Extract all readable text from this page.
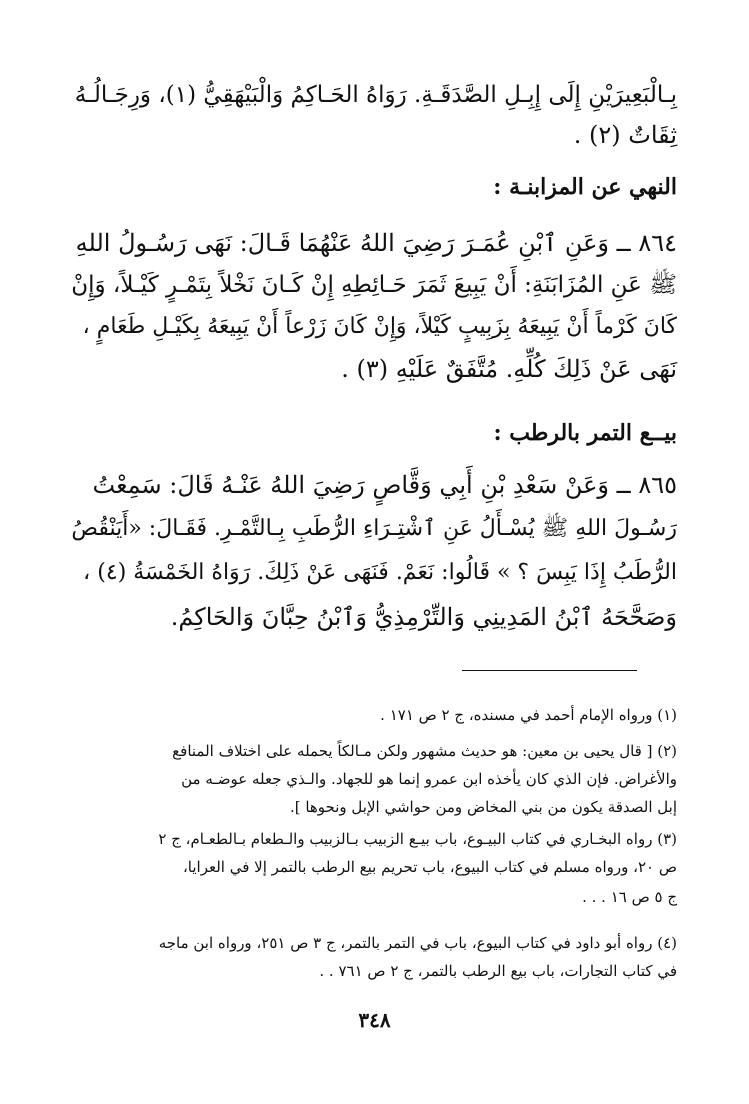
بِـالْبَعِيرَيْنِ إِلَى إِبِـلِ الصَّدَقَـةِ. رَوَاهُ الحَـاكِمُ وَالْبَيْهَقِيُّ (١)، وَرِجَـالُـهُ
ثِقَاتٌ (٢) .
النهي عن المزابنـة :
٨٦٤ ــ وَعَنِ ٱبْنِ عُمَـرَ رَضِيَ اللهُ عَنْهُمَا قَـالَ: نَهَى رَسُـولُ اللهِ
ﷺ عَنِ المُزَابَنَةِ: أَنْ يَبِيعَ ثَمَرَ حَـائِطِهِ إِنْ كَـانَ نَخْلاً بِتَمْـرٍ كَيْـلاً، وَإِنْ
كَانَ كَرْماً أَنْ يَبِيعَهُ بِزَبِيبٍ كَيْلاً، وَإِنْ كَانَ زَرْعاً أَنْ يَبِيعَهُ بِكَيْـلِ طَعَامٍ ،
نَهَى عَنْ ذَلِكَ كُلِّهِ. مُتَّفَقٌ عَلَيْهِ (٣) .
بيــع التمر بالرطب :
٨٦٥ ــ وَعَنْ سَعْدِ بْنِ أَبِي وَقَّاصٍ رَضِيَ اللهُ عَنْـهُ قَالَ: سَمِعْتُ
رَسُـولَ اللهِ ﷺ يُسْـأَلُ عَنِ ٱشْتِـرَاءِ الرُّطَبِ بِـالتَّمْـرِ. فَقَـالَ: «أَيَنْقُصُ
الرُّطَبُ إِذَا يَبِسَ ؟ » قَالُوا: نَعَمْ. فَنَهَى عَنْ ذَلِكَ. رَوَاهُ الخَمْسَةُ (٤) ،
وَصَحَّحَهُ ٱبْنُ المَدِينِي وَالتِّرْمِذِيُّ وَٱبْنُ حِبَّانَ وَالحَاكِمُ.
(١) ورواه الإمام أحمد في مسنده، ج ٢ ص ١٧١ .
(٢) [ قال يحيى بن معين: هو حديث مشهور ولكن مـالكاً يحمله على اختلاف المنافع
والأغراض. فإن الذي كان يأخذه ابن عمرو إنما هو للجهاد. والـذي جعله عوضـه من
إبل الصدقة يكون من بني المخاض ومن حواشي الإبل ونحوها ].
(٣) رواه البخـاري في كتاب البيـوع، باب بيـع الزبيب بـالزبيب والـطعام بـالطعـام، ج ٢
ص ٢٠، ورواه مسلم في كتاب البيوع، باب تحريم بيع الرطب بالتمر إلا في العرايا،
ج ٥ ص ١٦ . . .
(٤) رواه أبو داود في كتاب البيوع، باب في التمر بالتمر، ج ٣ ص ٢٥١، ورواه ابن ماجه
في كتاب التجارات، باب بيع الرطب بالتمر، ج ٢ ص ٧٦١ . .
٣٤٨
